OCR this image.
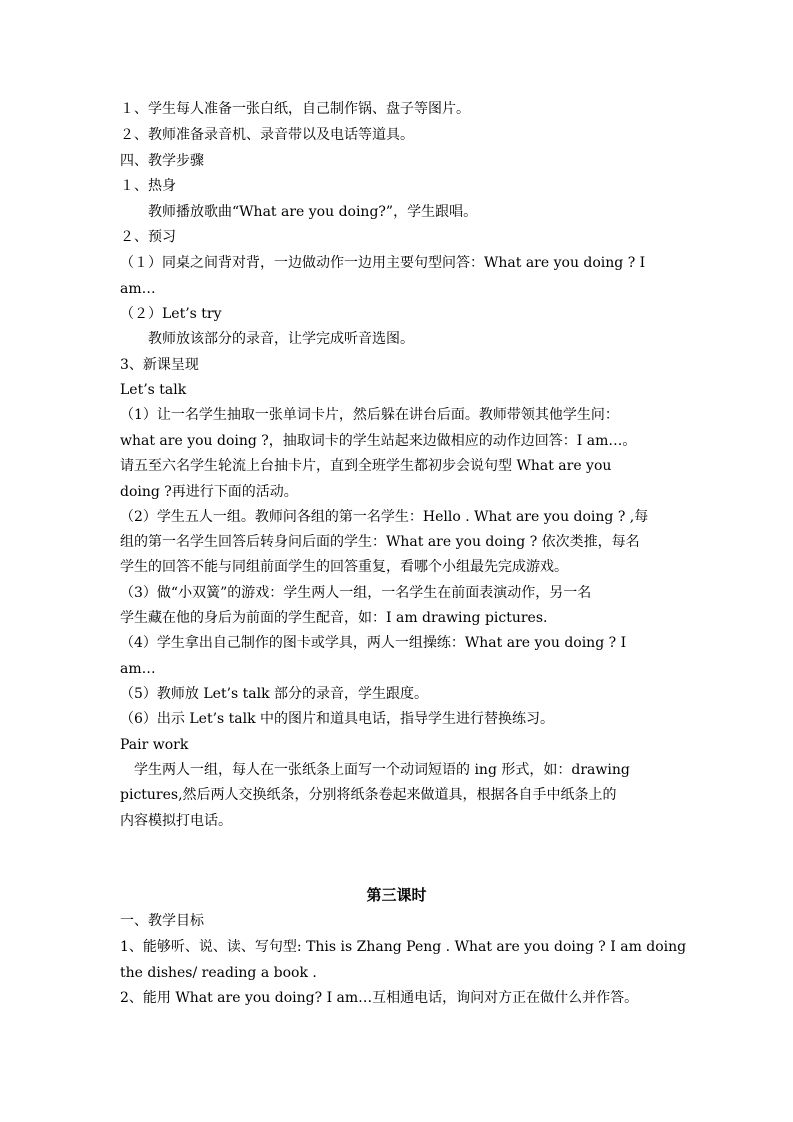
１、学生每人准备一张白纸，自己制作锅、盘子等图片。
２、教师准备录音机、录音带以及电话等道具。
四、教学步骤
１、热身
教师播放歌曲“What are you doing?”，学生跟唱。
２、预习
（１）同桌之间背对背，一边做动作一边用主要句型问答：What are you doing ? I
am…
（２）Let’s try
教师放该部分的录音，让学完成听音选图。
3、新课呈现
Let’s talk
（1）让一名学生抽取一张单词卡片，然后躲在讲台后面。教师带领其他学生问：
what are you doing ?，抽取词卡的学生站起来边做相应的动作边回答：I am…。
请五至六名学生轮流上台抽卡片，直到全班学生都初步会说句型 What are you
doing ?再进行下面的活动。
（2）学生五人一组。教师问各组的第一名学生：Hello . What are you doing ? ,每
组的第一名学生回答后转身问后面的学生：What are you doing ? 依次类推，每名
学生的回答不能与同组前面学生的回答重复，看哪个小组最先完成游戏。
（3）做“小双簧”的游戏：学生两人一组，一名学生在前面表演动作，另一名
学生藏在他的身后为前面的学生配音，如：I am drawing pictures.
（4）学生拿出自己制作的图卡或学具，两人一组操练：What are you doing ? I
am…
（5）教师放 Let’s talk 部分的录音，学生跟度。
（6）出示 Let’s talk 中的图片和道具电话，指导学生进行替换练习。
Pair work
学生两人一组，每人在一张纸条上面写一个动词短语的 ing 形式，如：drawing
pictures,然后两人交换纸条，分别将纸条卷起来做道具，根据各自手中纸条上的
内容模拟打电话。
第三课时
一、教学目标
1、能够听、说、读、写句型: This is Zhang Peng . What are you doing ? I am doing
the dishes/ reading a book .
2、能用 What are you doing? I am…互相通电话，询问对方正在做什么并作答。
